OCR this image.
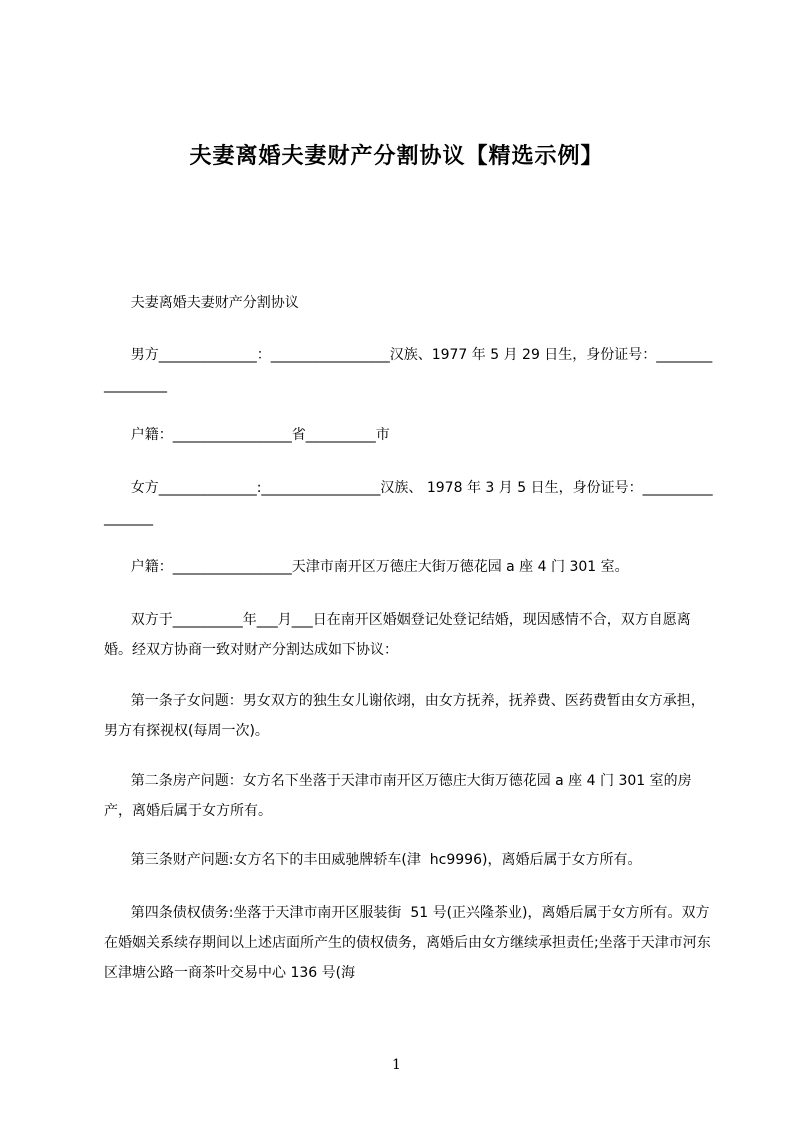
夫妻离婚夫妻财产分割协议【精选示例】
夫妻离婚夫妻财产分割协议
男方______________：_________________汉族、1977 年 5 月 29 日生，身份证号：_________________
户籍：_________________省__________市
女方______________:_________________汉族、 1978 年 3 月 5 日生，身份证号：_________________
户籍：_________________天津市南开区万德庄大街万德花园 a 座 4 门 301 室。
双方于__________年___月___日在南开区婚姻登记处登记结婚，现因感情不合，双方自愿离婚。经双方协商一致对财产分割达成如下协议：
第一条子女问题：男女双方的独生女儿谢依翊，由女方抚养，抚养费、医药费暂由女方承担，男方有探视权(每周一次)。
第二条房产问题：女方名下坐落于天津市南开区万德庄大街万德花园 a 座 4 门 301 室的房产，离婚后属于女方所有。
第三条财产问题:女方名下的丰田威驰牌轿车(津  hc9996)，离婚后属于女方所有。
第四条债权债务:坐落于天津市南开区服装街  51 号(正兴隆茶业)，离婚后属于女方所有。双方在婚姻关系续存期间以上述店面所产生的债权债务，离婚后由女方继续承担责任;坐落于天津市河东区津塘公路一商茶叶交易中心 136 号(海
1
